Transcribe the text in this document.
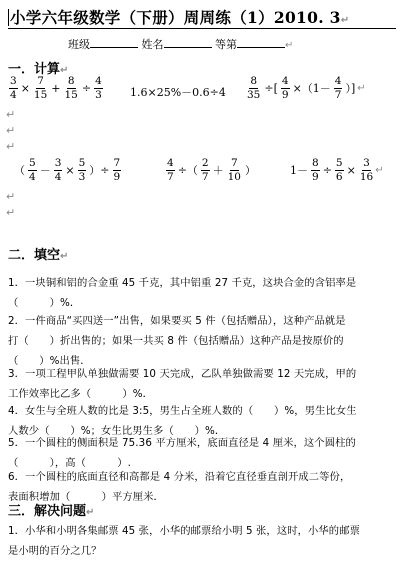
小学六年级数学（下册）周周练（1）2010. 3↵
班级	姓名	等第	↵
一．计算↵
$\frac{3}{4} \times \frac{7}{15} + \frac{8}{15} \div \frac{4}{3} 1.6\times 25\%-0.6\div 4 \frac{8}{35}$ ÷[ $\frac{4}{9} \times(1- \frac{4}{7}$ ）] ↵
↵
↵
↵
（ $\frac{5}{4} - \frac{3}{4} \times \frac{5}{3}$ ）÷ $\frac{7}{9}$	$\frac{4}{7}$ ÷（ $\frac{2}{7} + \frac{7}{10}$ ）	$1- \frac{8}{9} \div \frac{5}{6} \times \frac{3}{16}$ ↵
↵
↵
二．填空↵
1．一块铜和铝的合金重 45 千克，其中铝重 27 千克，这块合金的含铝率是
（　　　）%．
2．一件商品“买四送一”出售，如果要买 5 件（包括赠品），这种产品就是
打（　　）折出售的；如果一共买 8 件（包括赠品）这种产品是按原价的
（　　）%出售．
3．一项工程甲队单独做需要 10 天完成，乙队单独做需要 12 天完成，甲的
工作效率比乙多（　　　）%．
4．女生与全班人数的比是 3:5，男生占全班人数的（　　）%，男生比女生
人数少（　　）%；女生比男生多（　　）%．
5．一个圆柱的侧面积是 75.36 平方厘米，底面直径是 4 厘米，这个圆柱的
（　　　），高（　　　）.
6．一个圆柱的底面直径和高都是 4 分米，沿着它直径垂直剖开成二等份，
表面积增加（　　　）平方厘米．
三．解决问题↵
1．小华和小明各集邮票 45 张，小华的邮票给小明 5 张，这时，小华的邮票
是小明的百分之几？
